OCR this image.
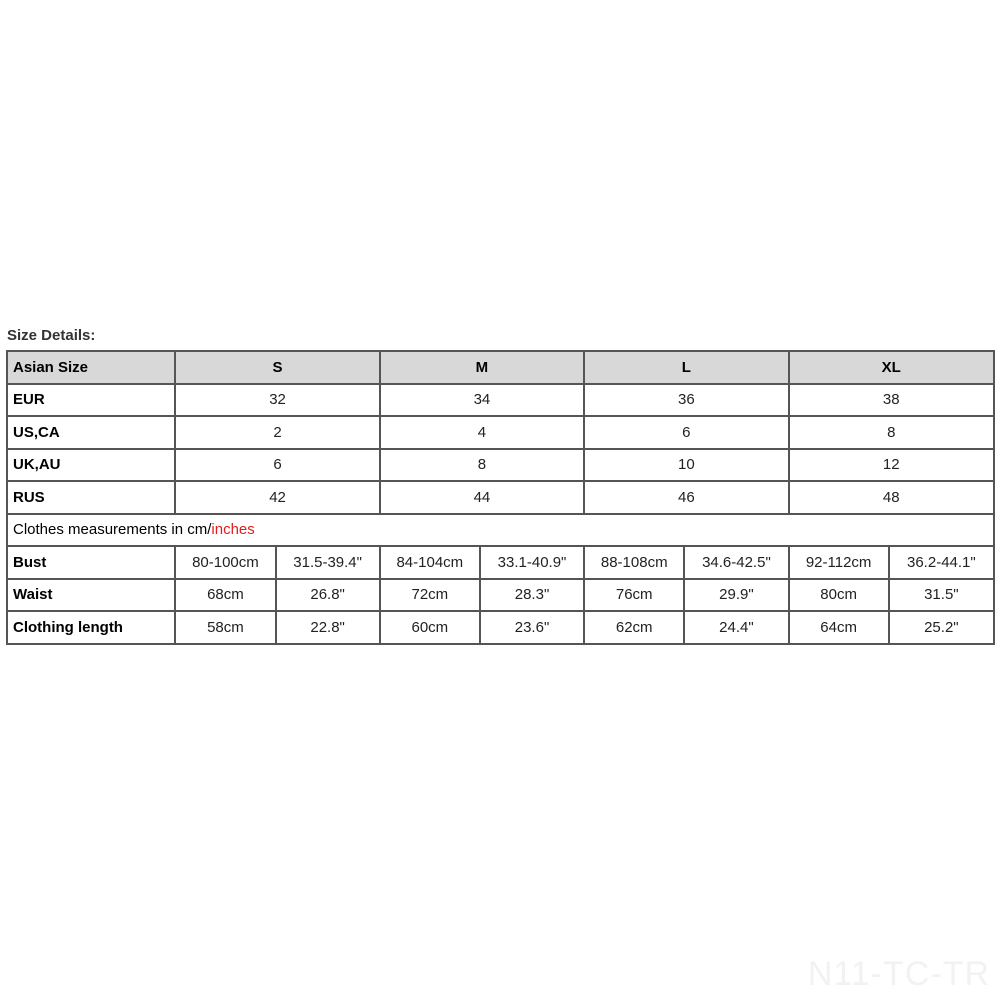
Size Details:
Asian Size	S		M		L		XL	
EUR	32		34		36		38	
US,CA	2		4		6		8	
UK,AU	6		8		10		12	
RUS	42		44		46		48	
Clothes measurements in cm/inches								
Bust	80-100cm	31.5-39.4"	84-104cm	33.1-40.9"	88-108cm	34.6-42.5"	92-112cm	36.2-44.1"
Waist	68cm	26.8"	72cm	28.3"	76cm	29.9"	80cm	31.5"
Clothing length	58cm	22.8"	60cm	23.6"	62cm	24.4"	64cm	25.2"
N11-TC-TR
